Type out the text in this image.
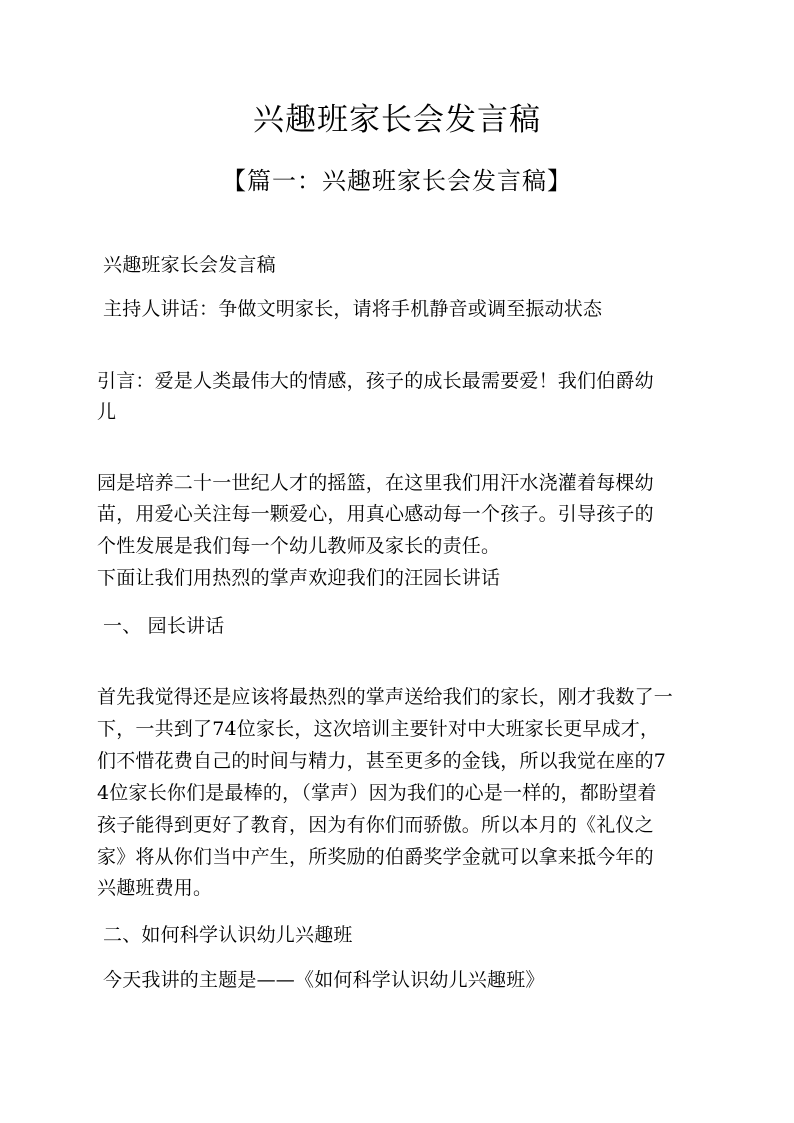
兴趣班家长会发言稿
【篇一：兴趣班家长会发言稿】
兴趣班家长会发言稿
主持人讲话：争做文明家长，请将手机静音或调至振动状态
引言：爱是人类最伟大的情感，孩子的成长最需要爱！我们伯爵幼
儿
园是培养二十一世纪人才的摇篮，在这里我们用汗水浇灌着每棵幼
苗，用爱心关注每一颗爱心，用真心感动每一个孩子。引导孩子的
个性发展是我们每一个幼儿教师及家长的责任。
下面让我们用热烈的掌声欢迎我们的汪园长讲话
一、 园长讲话
首先我觉得还是应该将最热烈的掌声送给我们的家长，刚才我数了一
下，一共到了74位家长，这次培训主要针对中大班家长更早成才，
们不惜花费自己的时间与精力，甚至更多的金钱，所以我觉在座的7
4位家长你们是最棒的，（掌声）因为我们的心是一样的，都盼望着
孩子能得到更好了教育，因为有你们而骄傲。所以本月的《礼仪之
家》将从你们当中产生，所奖励的伯爵奖学金就可以拿来抵今年的
兴趣班费用。
二、如何科学认识幼儿兴趣班
今天我讲的主题是——《如何科学认识幼儿兴趣班》
